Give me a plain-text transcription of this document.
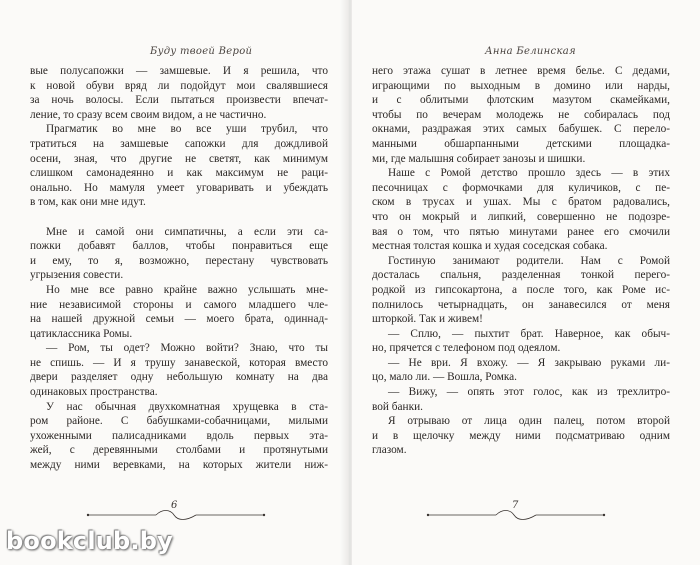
Буду твоей Верой
вые полусапожки — замшевые. И я решила, что
к новой обуви вряд ли подойдут мои свалявшиеся
за ночь волосы. Если пытаться произвести впечат-
ление, то сразу всем своим видом, а не частично.
Прагматик во мне во все уши трубил, что
тратиться на замшевые сапожки для дождливой
осени, зная, что другие не светят, как минимум
слишком самонадеянно и как максимум не раци-
онально. Но мамуля умеет уговаривать и убеждать
в том, как они мне идут.
Мне и самой они симпатичны, а если эти са-
пожки добавят баллов, чтобы понравиться еще
и ему, то я, возможно, перестану чувствовать
угрызения совести.
Но мне все равно крайне важно услышать мне-
ние независимой стороны и самого младшего чле-
на нашей дружной семьи — моего брата, одиннад-
цатиклассника Ромы.
— Ром, ты одет? Можно войти? Знаю, что ты
не спишь. — И я трушу занавеской, которая вместо
двери разделяет одну небольшую комнату на два
одинаковых пространства.
У нас обычная двухкомнатная хрущевка в ста-
ром районе. С бабушками-собачницами, милыми
ухоженными палисадниками вдоль первых эта-
жей, с деревянными столбами и протянутыми
между ними веревками, на которых жители ниж-
6
Анна Белинская
него этажа сушат в летнее время белье. С дедами,
играющими по выходным в домино или нарды,
и с облитыми флотским мазутом скамейками,
чтобы по вечерам молодежь не собиралась под
окнами, раздражая этих самых бабушек. С перело-
манными обшарпанными детскими площадка-
ми, где малышня собирает занозы и шишки.
Наше с Ромой детство прошло здесь — в этих
песочницах с формочками для куличиков, с пе-
ском в трусах и ушах. Мы с братом радовались,
что он мокрый и липкий, совершенно не подозре-
вая о том, что пятью минутами ранее его смочили
местная толстая кошка и худая соседская собака.
Гостиную занимают родители. Нам с Ромой
досталась спальня, разделенная тонкой перего-
родкой из гипсокартона, а после того, как Роме ис-
полнилось четырнадцать, он занавесился от меня
шторкой. Так и живем!
— Сплю, — пыхтит брат. Наверное, как обыч-
но, прячется с телефоном под одеялом.
— Не ври. Я вхожу. — Я закрываю руками ли-
цо, мало ли. — Вошла, Ромка.
— Вижу, — опять этот голос, как из трехлитро-
вой банки.
Я отрываю от лица один палец, потом второй
и в щелочку между ними подсматриваю одним
глазом.
7
bookclub.by
